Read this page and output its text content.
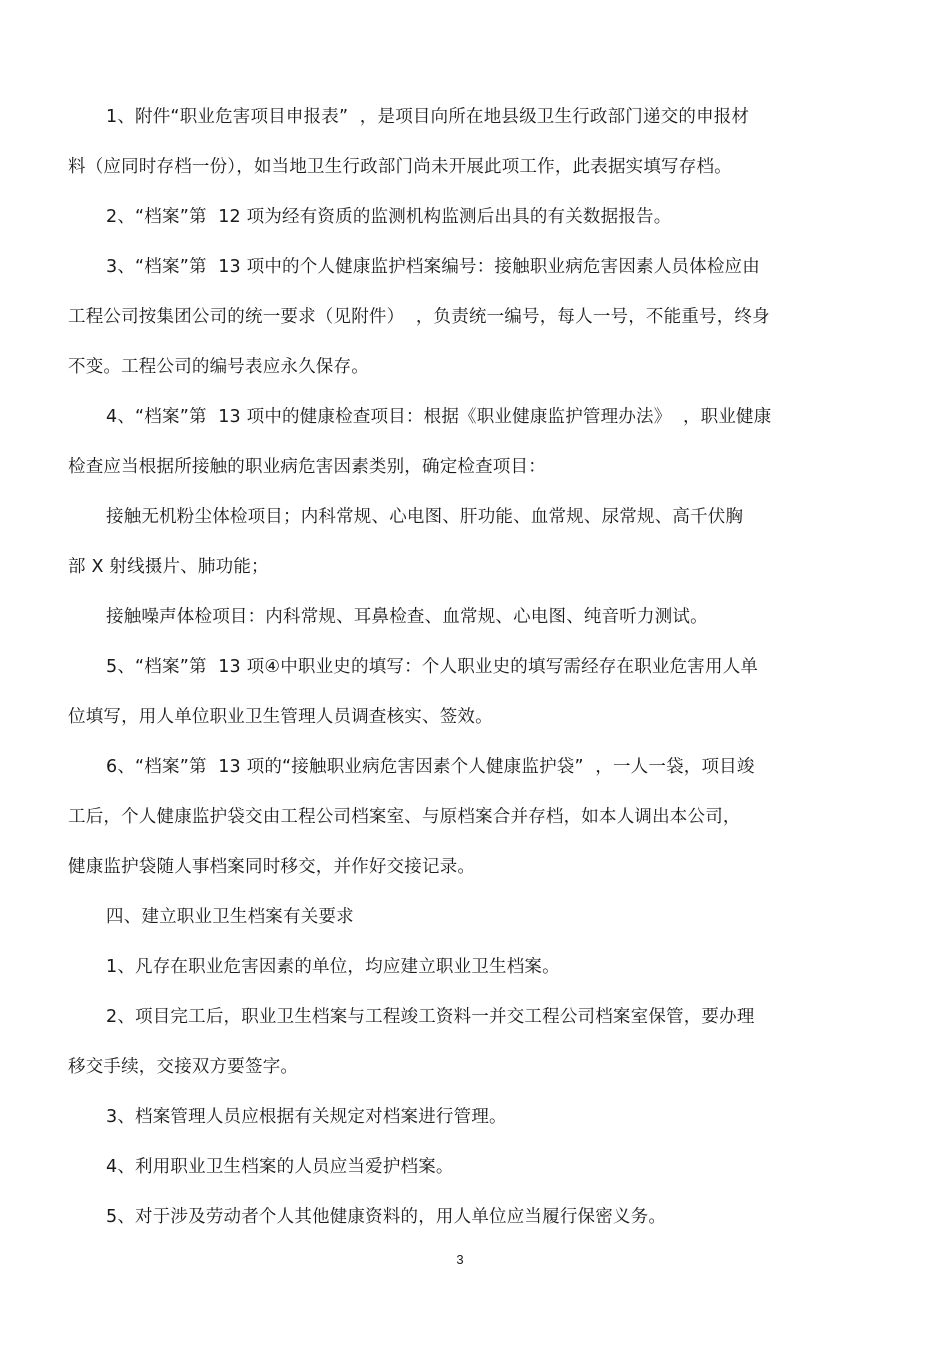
1、附件“职业危害项目申报表”  ，是项目向所在地县级卫生行政部门递交的申报材
料（应同时存档一份），如当地卫生行政部门尚未开展此项工作，此表据实填写存档。
2、“档案”第  12 项为经有资质的监测机构监测后出具的有关数据报告。
3、“档案”第  13 项中的个人健康监护档案编号：接触职业病危害因素人员体检应由
工程公司按集团公司的统一要求（见附件）  ，负责统一编号，每人一号，不能重号，终身
不变。工程公司的编号表应永久保存。
4、“档案”第  13 项中的健康检查项目：根据《职业健康监护管理办法》  ，职业健康
检查应当根据所接触的职业病危害因素类别，确定检查项目：
接触无机粉尘体检项目；内科常规、心电图、肝功能、血常规、尿常规、高千伏胸
部 X 射线摄片、肺功能；
接触噪声体检项目：内科常规、耳鼻检查、血常规、心电图、纯音听力测试。
5、“档案”第  13 项④中职业史的填写：个人职业史的填写需经存在职业危害用人单
位填写，用人单位职业卫生管理人员调查核实、签效。
6、“档案”第  13 项的“接触职业病危害因素个人健康监护袋”  ，一人一袋，项目竣
工后，个人健康监护袋交由工程公司档案室、与原档案合并存档，如本人调出本公司，
健康监护袋随人事档案同时移交，并作好交接记录。
四、建立职业卫生档案有关要求
1、凡存在职业危害因素的单位，均应建立职业卫生档案。
2、项目完工后，职业卫生档案与工程竣工资料一并交工程公司档案室保管，要办理
移交手续，交接双方要签字。
3、档案管理人员应根据有关规定对档案进行管理。
4、利用职业卫生档案的人员应当爱护档案。
5、对于涉及劳动者个人其他健康资料的，用人单位应当履行保密义务。
3
